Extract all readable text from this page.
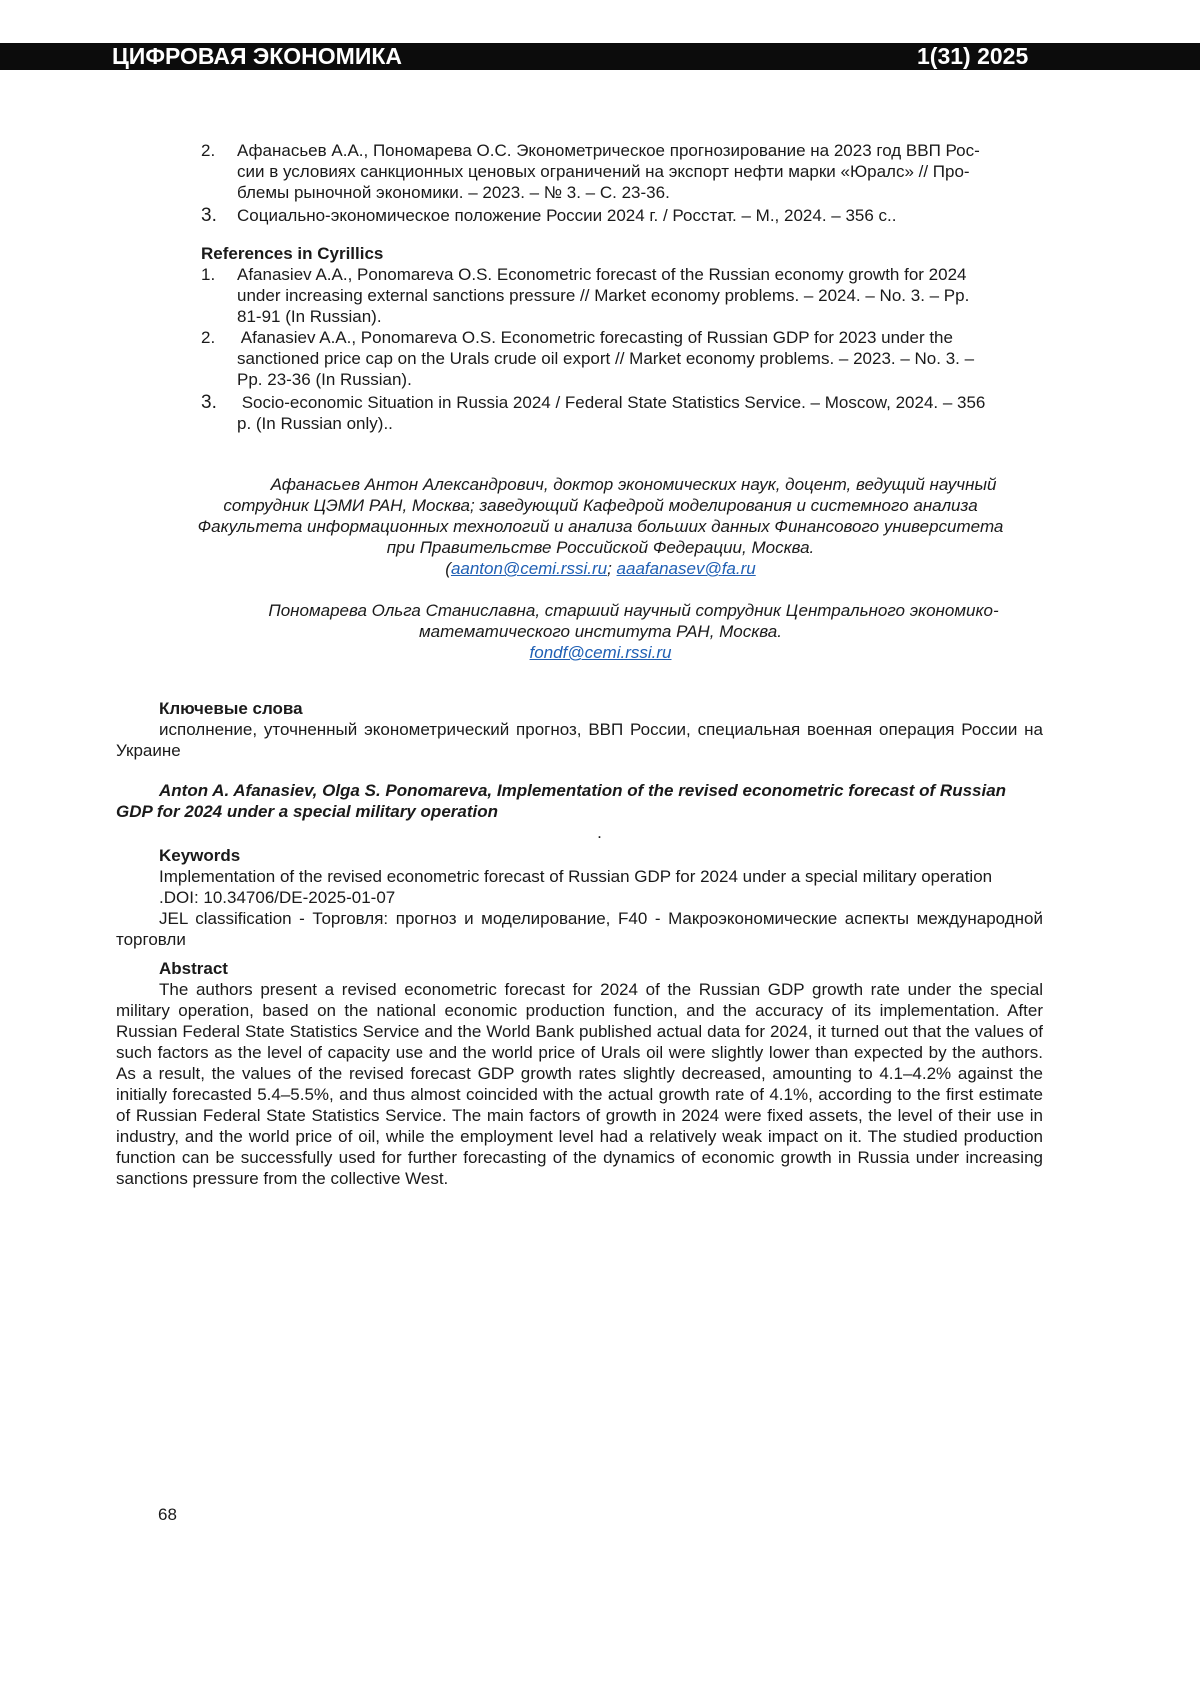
ЦИФРОВАЯ ЭКОНОМИКА	1(31) 2025
2. Афанасьев А.А., Пономарева О.С. Эконометрическое прогнозирование на 2023 год ВВП Рос-
сии в условиях санкционных ценовых ограничений на экспорт нефти марки «Юралс» // Про-
блемы рыночной экономики. – 2023. – № 3. – С. 23-36.
3. Социально-экономическое положение России 2024 г. / Росстат. – М., 2024. – 356 с..
References in Cyrillics
1. Afanasiev A.A., Ponomareva O.S. Econometric forecast of the Russian economy growth for 2024
under increasing external sanctions pressure // Market economy problems. – 2024. – No. 3. – Pp.
81-91 (In Russian).
2. Afanasiev A.A., Ponomareva O.S. Econometric forecasting of Russian GDP for 2023 under the
sanctioned price cap on the Urals crude oil export // Market economy problems. – 2023. – No. 3. –
Pp. 23-36 (In Russian).
3. Socio-economic Situation in Russia 2024 / Federal State Statistics Service. – Moscow, 2024. – 356
p. (In Russian only)..

Афанасьев Антон Александрович, доктор экономических наук, доцент, ведущий научный

сотрудник ЦЭМИ РАН, Москва; заведующий Кафедрой моделирования и системного анализа

Факультета информационных технологий и анализа больших данных Финансового университета

при Правительстве Российской Федерации, Москва.

(aanton@cemi.rssi.ru; aaafanasev@fa.ru

Пономарева Ольга Станиславна, старший научный сотрудник Центрального экономико-

математического института РАН, Москва.

fondf@cemi.rssi.ru

Ключевые слова

исполнение, уточненный эконометрический прогноз, ВВП России, специальная военная операция России на Украине

Anton A. Afanasiev, Olga S. Ponomareva, Implementation of the revised econometric forecast of Russian GDP for 2024 under a special military operation

.

Keywords

Implementation of the revised econometric forecast of Russian GDP for 2024 under a special military operation

.DOI: 10.34706/DE-2025-01-07

JEL classification - Торговля: прогноз и моделирование, F40 - Макроэкономические аспекты международной торговли

Abstract

The authors present a revised econometric forecast for 2024 of the Russian GDP growth rate under the special military operation, based on the national economic production function, and the accuracy of its implementation. After Russian Federal State Statistics Service and the World Bank published actual data for 2024, it turned out that the values of such factors as the level of capacity use and the world price of Urals oil were slightly lower than expected by the authors. As a result, the values of the revised forecast GDP growth rates slightly decreased, amounting to 4.1–4.2% against the initially forecasted 5.4–5.5%, and thus almost coincided with the actual growth rate of 4.1%, according to the first estimate of Russian Federal State Statistics Service. The main factors of growth in 2024 were fixed assets, the level of their use in industry, and the world price of oil, while the employment level had a relatively weak impact on it. The studied production function can be successfully used for further forecasting of the dynamics of economic growth in Russia under increasing sanctions pressure from the collective West.

68
